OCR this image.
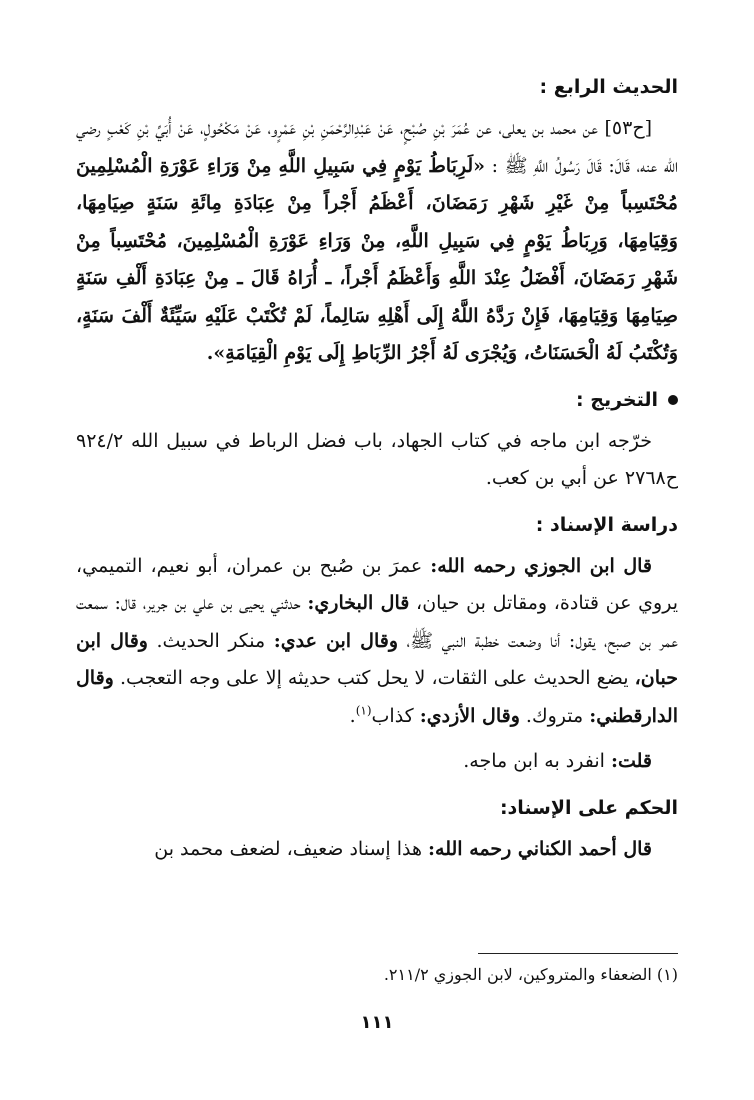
الحديث الرابع :

[ح٥٣] عن محمد بن يعلى، عن عُمَرَ بْنِ صُبْحٍ، عَنْ عَبْدِالرَّحْمَنِ بْنِ عَمْرٍو، عَنْ مَكْحُولٍ، عَنْ أُبَيِّ بْنِ كَعْبٍ رضي الله عنه، قَالَ: قَالَ رَسُولُ اللَّهِ ﷺ : «لَرِبَاطُ يَوْمٍ فِي سَبِيلِ اللَّهِ مِنْ وَرَاءِ عَوْرَةِ الْمُسْلِمِينَ مُحْتَسِباً مِنْ غَيْرِ شَهْرِ رَمَضَانَ، أَعْظَمُ أَجْراً مِنْ عِبَادَةِ مِائَةِ سَنَةٍ صِيَامِهَا، وَقِيَامِهَا، وَرِبَاطُ يَوْمٍ فِي سَبِيلِ اللَّهِ، مِنْ وَرَاءِ عَوْرَةِ الْمُسْلِمِينَ، مُحْتَسِباً مِنْ شَهْرِ رَمَضَانَ، أَفْضَلُ عِنْدَ اللَّهِ وَأَعْظَمُ أَجْراً، ـ أُرَاهُ قَالَ ـ مِنْ عِبَادَةِ أَلْفِ سَنَةٍ صِيَامِهَا وَقِيَامِهَا، فَإِنْ رَدَّهُ اللَّهُ إِلَى أَهْلِهِ سَالِماً، لَمْ تُكْتَبْ عَلَيْهِ سَيِّئَةٌ أَلْفَ سَنَةٍ، وَتُكْتَبُ لَهُ الْحَسَنَاتُ، وَيُجْرَى لَهُ أَجْرُ الرِّبَاطِ إِلَى يَوْمِ الْقِيَامَةِ».

التخريج :

خرّجه ابن ماجه في كتاب الجهاد، باب فضل الرباط في سبيل الله ٩٢٤/٢ ح٢٧٦٨ عن أبي بن كعب.

دراسة الإسناد :

قال ابن الجوزي رحمه الله: عمرَ بن صُبح بن عمران، أبو نعيم، التميمي، يروي عن قتادة، ومقاتل بن حيان، قال البخاري: حدثني يحيى بن علي بن جرير، قال: سمعت عمر بن صبح، يقول: أنا وضعت خطبة النبي ﷺ، وقال ابن عدي: منكر الحديث. وقال ابن حبان، يضع الحديث على الثقات، لا يحل كتب حديثه إلا على وجه التعجب. وقال الدارقطني: متروك. وقال الأزدي: كذاب$^{(١)}$.

قلت: انفرد به ابن ماجه.

الحكم على الإسناد:

قال أحمد الكناني رحمه الله: هذا إسناد ضعيف، لضعف محمد بن

(١) الضعفاء والمتروكين، لابن الجوزي ٢١١/٢.
١١١
